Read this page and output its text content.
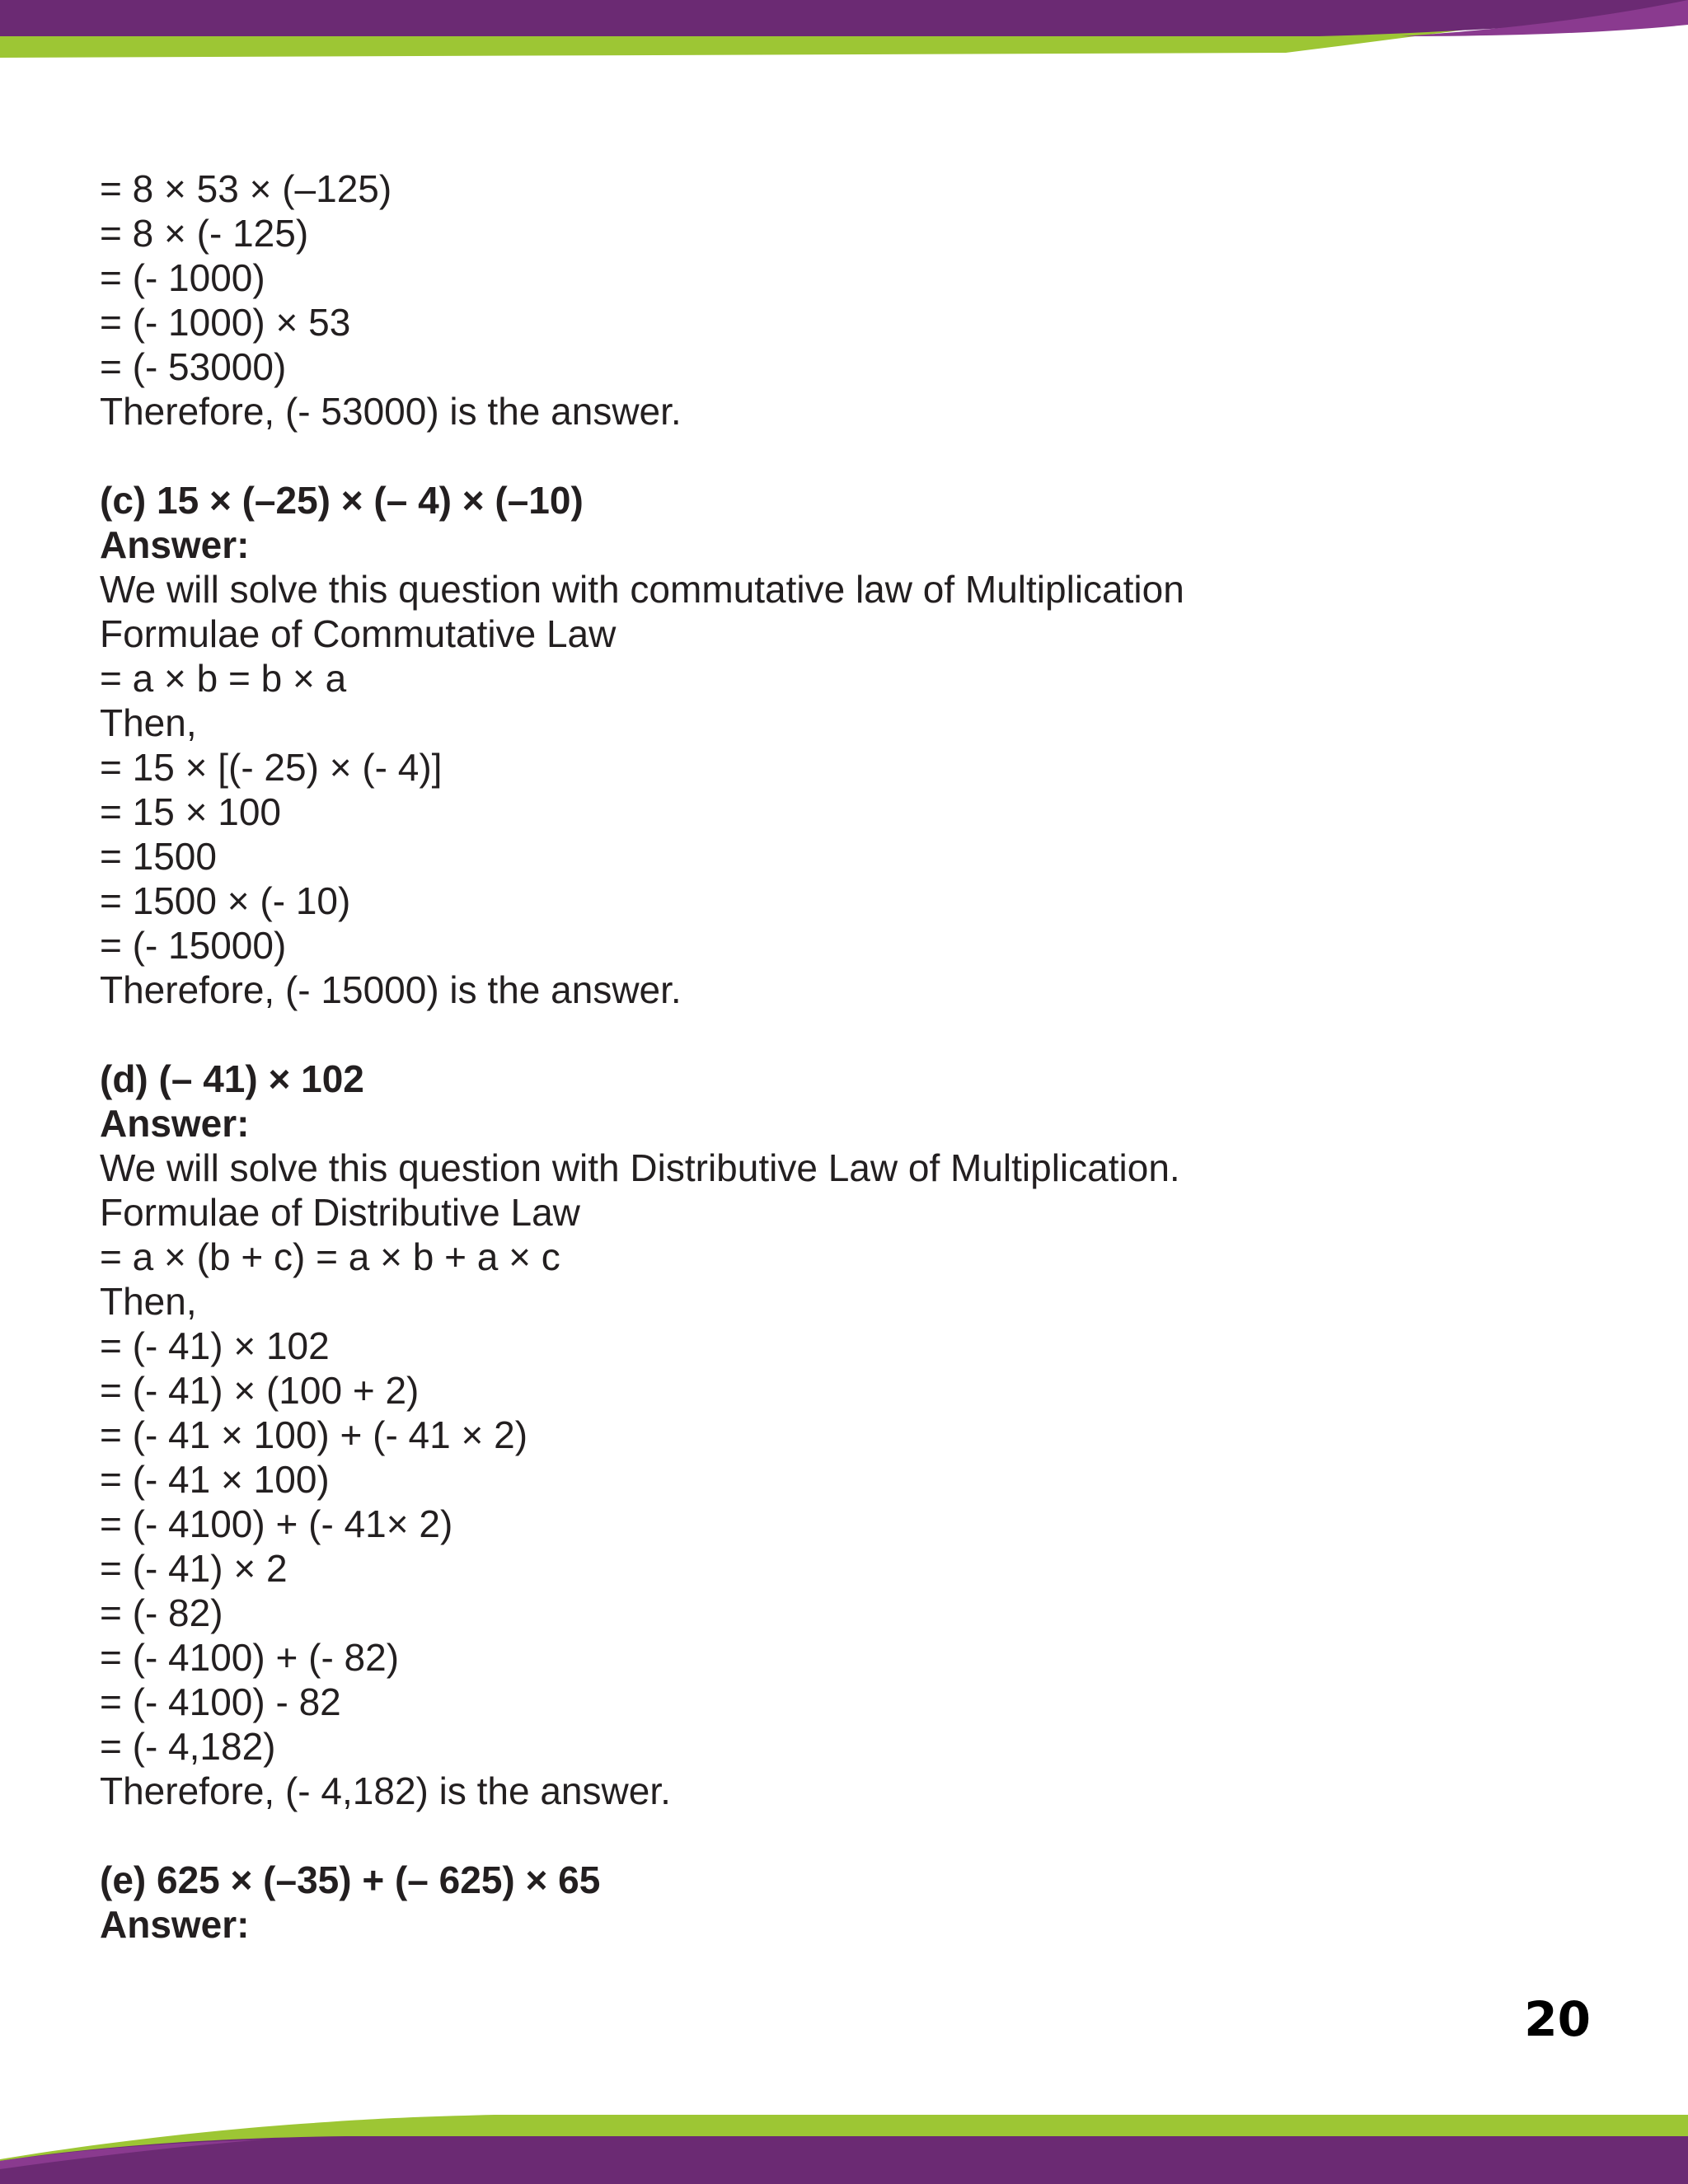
= 8 × 53 × (–125)
= 8 × (- 125)
= (- 1000)
= (- 1000) × 53
= (- 53000)
Therefore, (- 53000) is the answer.
(c) 15 × (–25) × (– 4) × (–10)
Answer:
We will solve this question with commutative law of Multiplication
Formulae of Commutative Law
= a × b = b × a
Then,
= 15 × [(- 25) × (- 4)]
= 15 × 100
= 1500
= 1500 × (- 10)
= (- 15000)
Therefore, (- 15000) is the answer.
(d) (– 41) × 102
Answer:
We will solve this question with Distributive Law of Multiplication.
Formulae of Distributive Law
= a × (b + c) = a × b + a × c
Then,
= (- 41) × 102
= (- 41) × (100 + 2)
= (- 41 × 100) + (- 41 × 2)
= (- 41 × 100)
= (- 4100) + (- 41× 2)
= (- 41) × 2
= (- 82)
= (- 4100) + (- 82)
= (- 4100) - 82
= (- 4,182)
Therefore, (- 4,182) is the answer.
(e) 625 × (–35) + (– 625) × 65
Answer:
20
